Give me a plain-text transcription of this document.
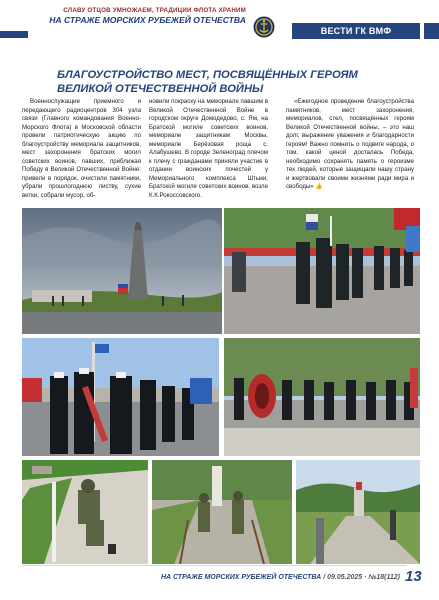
СЛАВУ ОТЦОВ УМНОЖАЕМ, ТРАДИЦИИ ФЛОТА ХРАНИМ
НА СТРАЖЕ МОРСКИХ РУБЕЖЕЙ ОТЕЧЕСТВА
ВЕСТИ ГК ВМФ
БЛАГОУСТРОЙСТВО МЕСТ, ПОСВЯЩЁННЫХ ГЕРОЯМ ВЕЛИКОЙ ОТЕЧЕСТВЕННОЙ ВОЙНЫ

Военнослужащие приемного и передающего радиоцентров 304 узла связи (Главного командования Военно-Морского Флота) в Московской области провели патриотическую акцию по благоустройству мемориала защитников, мест захоронения братских могил советских воинов, павших, приближая Победу в Великой Отечественной Войне: привели в порядок, очистили памятники, убрали прошлогоднюю листву, сухие ветки, собрали мусор, об-

новили покраску на мемориале павшим в Великой Отечественной Войне в городском округе Домодедово, с. Ям, на Братской могиле советских воинов, мемориале защитникам Москвы, мемориале Берёзовая роща с. Алабушево. В городе Зеленоград плечом к плечу с гражданами приняли участие в отдании воинских почестей у Мемориального комплекса Штыки, Братской могиле советских воинов, возле К.К.Рокоссовского.

«Ежегодное проведение благоустройства памятников, мест захоронения, мемориалов, стел, посвящённых героям Великой Отечественной войны, – это наш долг, выражение уважения и благодарности героям! Важно помнить о подвиге народа, о том, какой ценой досталась Победа, необходимо сохранять память о героизме тех людей, которые защищали нашу страну и жертвовали своими жизнями ради мира и свободы» 👍

НА СТРАЖЕ МОРСКИХ РУБЕЖЕЙ ОТЕЧЕСТВА / 09.05.2025 · №18(112) 13
